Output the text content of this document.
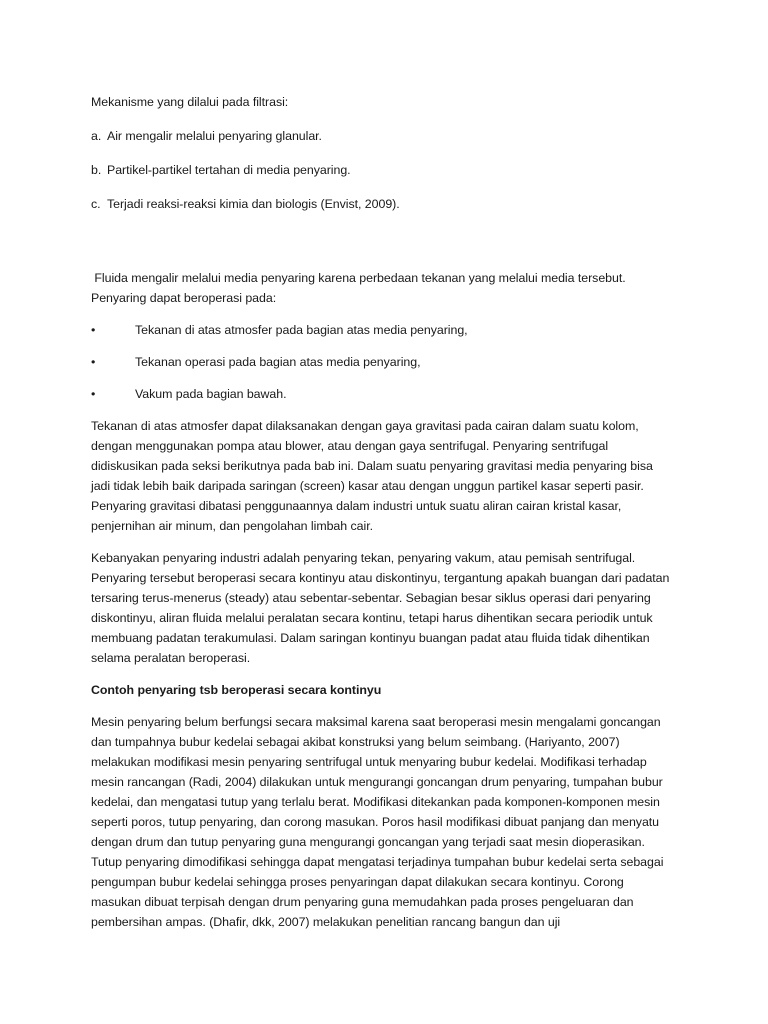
Mekanisme yang dilalui pada filtrasi:

a. Air mengalir melalui penyaring glanular.

b. Partikel-partikel tertahan di media penyaring.

c. Terjadi reaksi-reaksi kimia dan biologis (Envist, 2009).

Fluida mengalir melalui media penyaring karena perbedaan tekanan yang melalui media tersebut. Penyaring dapat beroperasi pada:

•	Tekanan di atas atmosfer pada bagian atas media penyaring,

•	Tekanan operasi pada bagian atas media penyaring,

•	Vakum pada bagian bawah.

Tekanan di atas atmosfer dapat dilaksanakan dengan gaya gravitasi pada cairan dalam suatu kolom, dengan menggunakan pompa atau blower, atau dengan gaya sentrifugal. Penyaring sentrifugal didiskusikan pada seksi berikutnya pada bab ini. Dalam suatu penyaring gravitasi media penyaring bisa jadi tidak lebih baik daripada saringan (screen) kasar atau dengan unggun partikel kasar seperti pasir. Penyaring gravitasi dibatasi penggunaannya dalam industri untuk suatu aliran cairan kristal kasar, penjernihan air minum, dan pengolahan limbah cair.

Kebanyakan penyaring industri adalah penyaring tekan, penyaring vakum, atau pemisah sentrifugal. Penyaring tersebut beroperasi secara kontinyu atau diskontinyu, tergantung apakah buangan dari padatan tersaring terus-menerus (steady) atau sebentar-sebentar. Sebagian besar siklus operasi dari penyaring diskontinyu, aliran fluida melalui peralatan secara kontinu, tetapi harus dihentikan secara periodik untuk membuang padatan terakumulasi. Dalam saringan kontinyu buangan padat atau fluida tidak dihentikan selama peralatan beroperasi.

Contoh penyaring tsb beroperasi secara kontinyu

Mesin penyaring belum berfungsi secara maksimal karena saat beroperasi mesin mengalami goncangan dan tumpahnya bubur kedelai sebagai akibat konstruksi yang belum seimbang. (Hariyanto, 2007) melakukan modifikasi mesin penyaring sentrifugal untuk menyaring bubur kedelai. Modifikasi terhadap mesin rancangan (Radi, 2004) dilakukan untuk mengurangi goncangan drum penyaring, tumpahan bubur kedelai, dan mengatasi tutup yang terlalu berat. Modifikasi ditekankan pada komponen-komponen mesin seperti poros, tutup penyaring, dan corong masukan. Poros hasil modifikasi dibuat panjang dan menyatu dengan drum dan tutup penyaring guna mengurangi goncangan yang terjadi saat mesin dioperasikan. Tutup penyaring dimodifikasi sehingga dapat mengatasi terjadinya tumpahan bubur kedelai serta sebagai pengumpan bubur kedelai sehingga proses penyaringan dapat dilakukan secara kontinyu. Corong masukan dibuat terpisah dengan drum penyaring guna memudahkan pada proses pengeluaran dan pembersihan ampas. (Dhafir, dkk, 2007) melakukan penelitian rancang bangun dan uji
